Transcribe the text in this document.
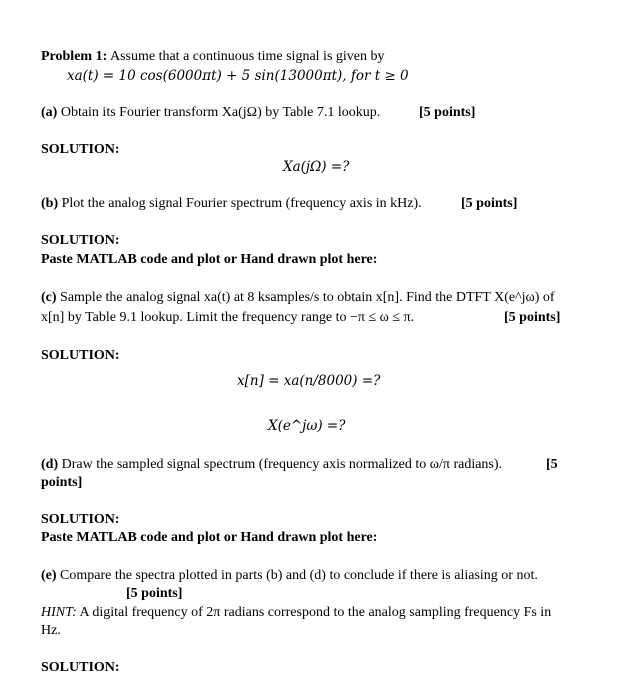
Problem 1: Assume that a continuous time signal is given by
xa(t) = 10 cos(6000πt) + 5 sin(13000πt), for t ≥ 0
(a) Obtain its Fourier transform Xa(jΩ) by Table 7.1 lookup.	[5 points]
SOLUTION:
Xa(jΩ) =?
(b) Plot the analog signal Fourier spectrum (frequency axis in kHz).	[5 points]
SOLUTION:
Paste MATLAB code and plot or Hand drawn plot here:
(c) Sample the analog signal xa(t) at 8 ksamples/s to obtain x[n]. Find the DTFT X(e^jω) of
x[n] by Table 9.1 lookup. Limit the frequency range to −π ≤ ω ≤ π.	[5 points]
SOLUTION:
x[n] = xa(n/8000) =?
X(e^jω) =?
(d) Draw the sampled signal spectrum (frequency axis normalized to ω/π radians).	[5
points]
SOLUTION:
Paste MATLAB code and plot or Hand drawn plot here:
(e) Compare the spectra plotted in parts (b) and (d) to conclude if there is aliasing or not.
[5 points]
HINT: A digital frequency of 2π radians correspond to the analog sampling frequency Fs in
Hz.
SOLUTION:
